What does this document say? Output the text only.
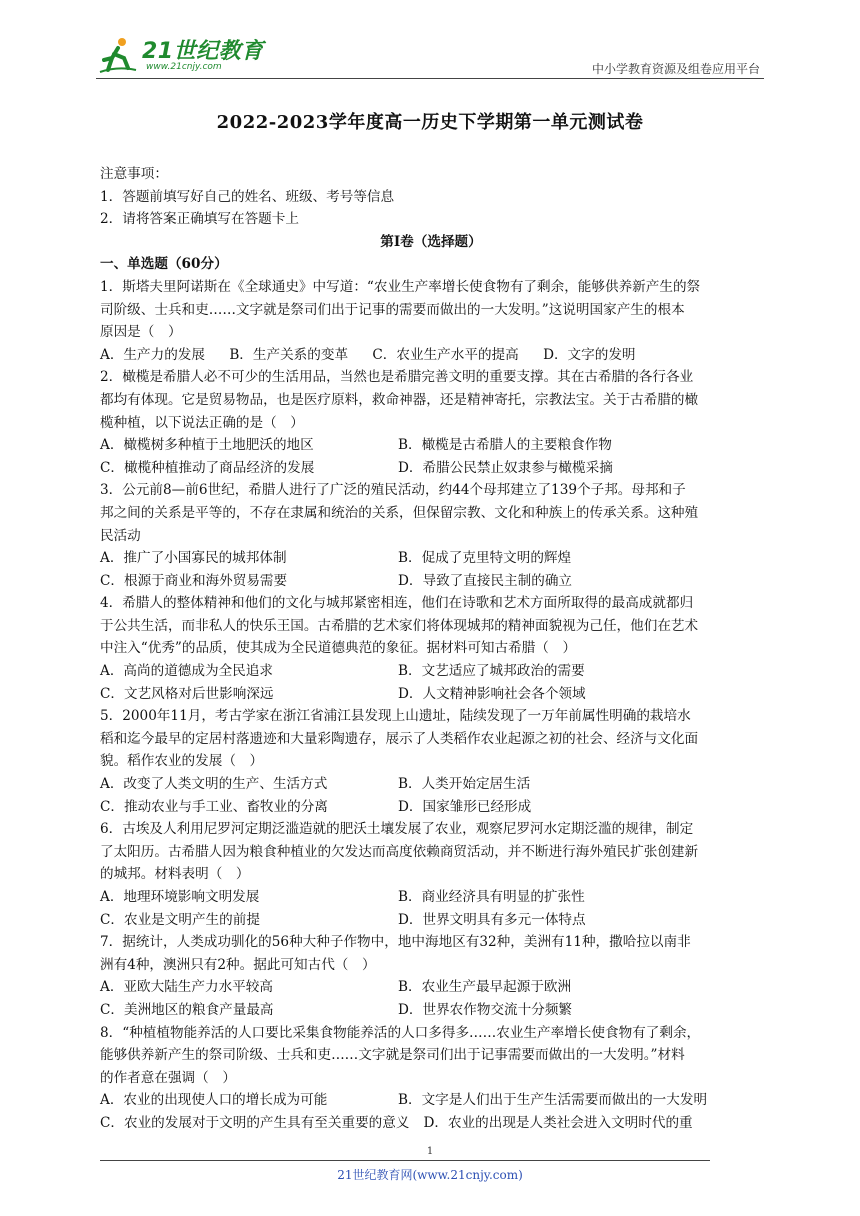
21世纪教育
www.21cnjy.com	中小学教育资源及组卷应用平台
2022-2023学年度高一历史下学期第一单元测试卷

注意事项：

1．答题前填写好自己的姓名、班级、考号等信息

2．请将答案正确填写在答题卡上

第Ⅰ卷（选择题）

一、单选题（60分）

1．斯塔夫里阿诺斯在《全球通史》中写道：“农业生产率增长使食物有了剩余，能够供养新产生的祭

司阶级、士兵和吏……文字就是祭司们出于记事的需要而做出的一大发明。”这说明国家产生的根本

原因是（　）

A．生产力的发展 B．生产关系的变革 C．农业生产水平的提高 D．文字的发明

2．橄榄是希腊人必不可少的生活用品，当然也是希腊完善文明的重要支撑。其在古希腊的各行各业

都均有体现。它是贸易物品，也是医疗原料，救命神器，还是精神寄托，宗教法宝。关于古希腊的橄

榄种植，以下说法正确的是（　）

A．橄榄树多种植于土地肥沃的地区	B．橄榄是古希腊人的主要粮食作物

C．橄榄种植推动了商品经济的发展	D．希腊公民禁止奴隶参与橄榄采摘

3．公元前8—前6世纪，希腊人进行了广泛的殖民活动，约44个母邦建立了139个子邦。母邦和子

邦之间的关系是平等的，不存在隶属和统治的关系，但保留宗教、文化和种族上的传承关系。这种殖

民活动

A．推广了小国寡民的城邦体制	B．促成了克里特文明的辉煌

C．根源于商业和海外贸易需要	D．导致了直接民主制的确立

4．希腊人的整体精神和他们的文化与城邦紧密相连，他们在诗歌和艺术方面所取得的最高成就都归

于公共生活，而非私人的快乐王国。古希腊的艺术家们将体现城邦的精神面貌视为己任，他们在艺术

中注入“优秀”的品质，使其成为全民道德典范的象征。据材料可知古希腊（　）

A．高尚的道德成为全民追求	B．文艺适应了城邦政治的需要

C．文艺风格对后世影响深远	D．人文精神影响社会各个领域

5．2000年11月，考古学家在浙江省浦江县发现上山遗址，陆续发现了一万年前属性明确的栽培水

稻和迄今最早的定居村落遗迹和大量彩陶遗存，展示了人类稻作农业起源之初的社会、经济与文化面

貌。稻作农业的发展（　）

A．改变了人类文明的生产、生活方式	B．人类开始定居生活

C．推动农业与手工业、畜牧业的分离	D．国家雏形已经形成

6．古埃及人利用尼罗河定期泛滥造就的肥沃土壤发展了农业，观察尼罗河水定期泛滥的规律，制定

了太阳历。古希腊人因为粮食种植业的欠发达而高度依赖商贸活动，并不断进行海外殖民扩张创建新

的城邦。材料表明（　）

A．地理环境影响文明发展	B．商业经济具有明显的扩张性

C．农业是文明产生的前提	D．世界文明具有多元一体特点

7．据统计，人类成功驯化的56种大种子作物中，地中海地区有32种，美洲有11种，撒哈拉以南非

洲有4种，澳洲只有2种。据此可知古代（　）

A．亚欧大陆生产力水平较高	B．农业生产最早起源于欧洲

C．美洲地区的粮食产量最高	D．世界农作物交流十分频繁

8．“种植植物能养活的人口要比采集食物能养活的人口多得多……农业生产率增长使食物有了剩余，

能够供养新产生的祭司阶级、士兵和吏……文字就是祭司们出于记事需要而做出的一大发明。”材料

的作者意在强调（　）

A．农业的出现使人口的增长成为可能	B．文字是人们出于生产生活需要而做出的一大发明

C．农业的发展对于文明的产生具有至关重要的意义 D．农业的出现是人类社会进入文明时代的重

1
21世纪教育网(www.21cnjy.com)
